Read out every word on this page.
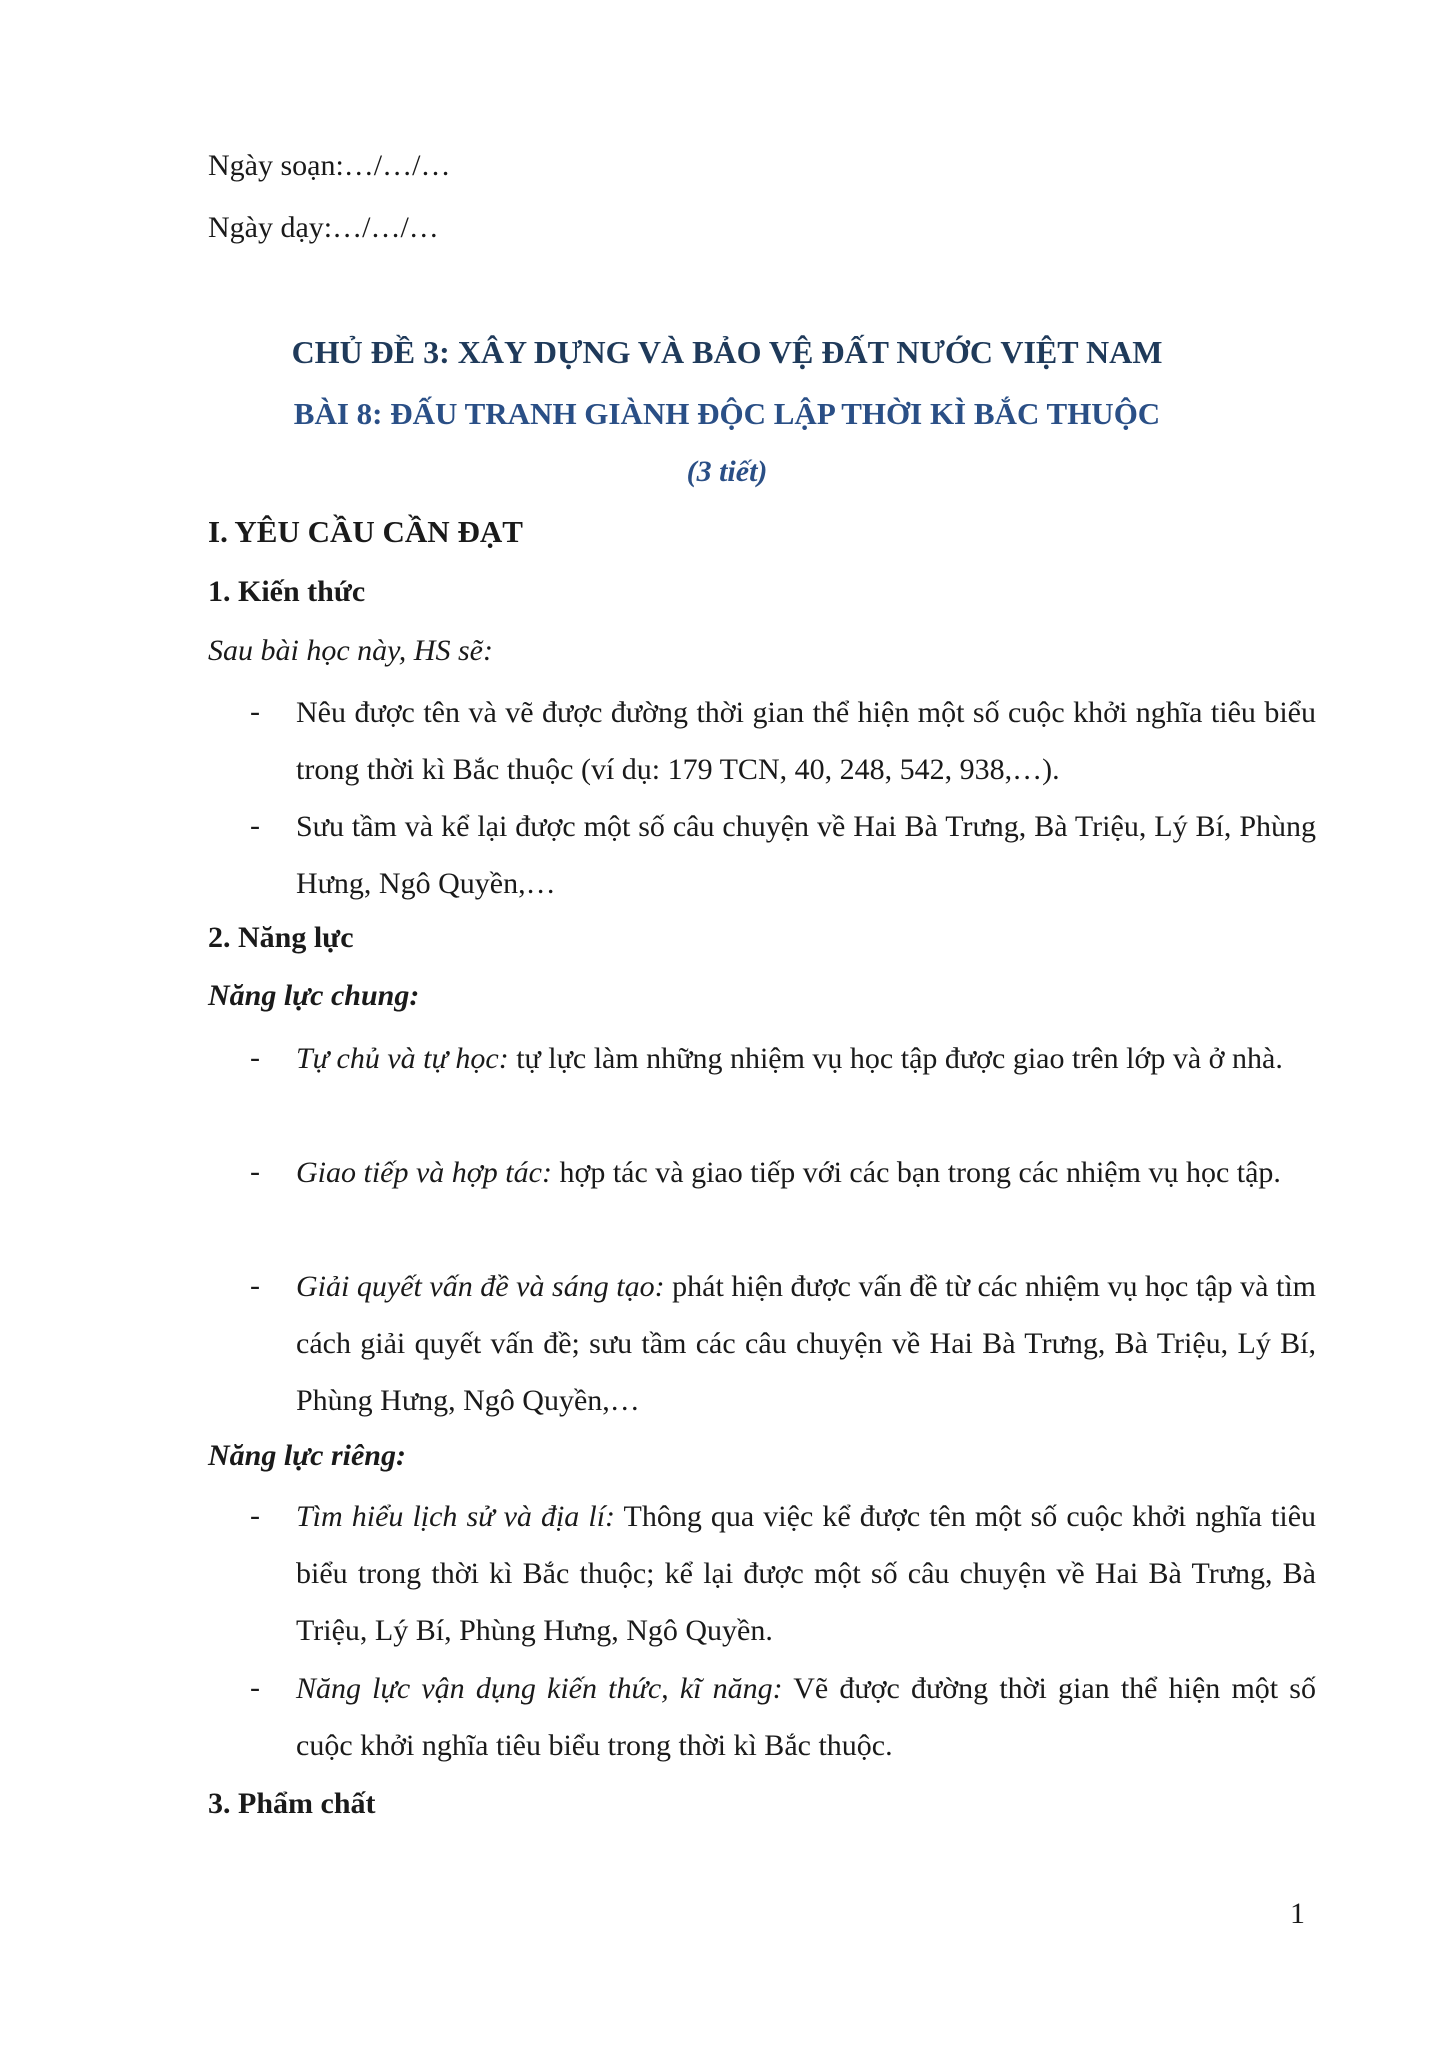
Ngày soạn:…/…/…
Ngày dạy:…/…/…
CHỦ ĐỀ 3: XÂY DỰNG VÀ BẢO VỆ ĐẤT NƯỚC VIỆT NAM
BÀI 8: ĐẤU TRANH GIÀNH ĐỘC LẬP THỜI KÌ BẮC THUỘC
(3 tiết)
I. YÊU CẦU CẦN ĐẠT
1. Kiến thức
Sau bài học này, HS sẽ:
- Nêu được tên và vẽ được đường thời gian thể hiện một số cuộc khởi nghĩa tiêu biểu trong thời kì Bắc thuộc (ví dụ: 179 TCN, 40, 248, 542, 938,…).
- Sưu tầm và kể lại được một số câu chuyện về Hai Bà Trưng, Bà Triệu, Lý Bí, Phùng Hưng, Ngô Quyền,…
2. Năng lực
Năng lực chung:
- Tự chủ và tự học: tự lực làm những nhiệm vụ học tập được giao trên lớp và ở nhà.
- Giao tiếp và hợp tác: hợp tác và giao tiếp với các bạn trong các nhiệm vụ học tập.
- Giải quyết vấn đề và sáng tạo: phát hiện được vấn đề từ các nhiệm vụ học tập và tìm cách giải quyết vấn đề; sưu tầm các câu chuyện về Hai Bà Trưng, Bà Triệu, Lý Bí, Phùng Hưng, Ngô Quyền,…
Năng lực riêng:
- Tìm hiểu lịch sử và địa lí: Thông qua việc kể được tên một số cuộc khởi nghĩa tiêu biểu trong thời kì Bắc thuộc; kể lại được một số câu chuyện về Hai Bà Trưng, Bà Triệu, Lý Bí, Phùng Hưng, Ngô Quyền.
- Năng lực vận dụng kiến thức, kĩ năng: Vẽ được đường thời gian thể hiện một số cuộc khởi nghĩa tiêu biểu trong thời kì Bắc thuộc.
3. Phẩm chất
1
